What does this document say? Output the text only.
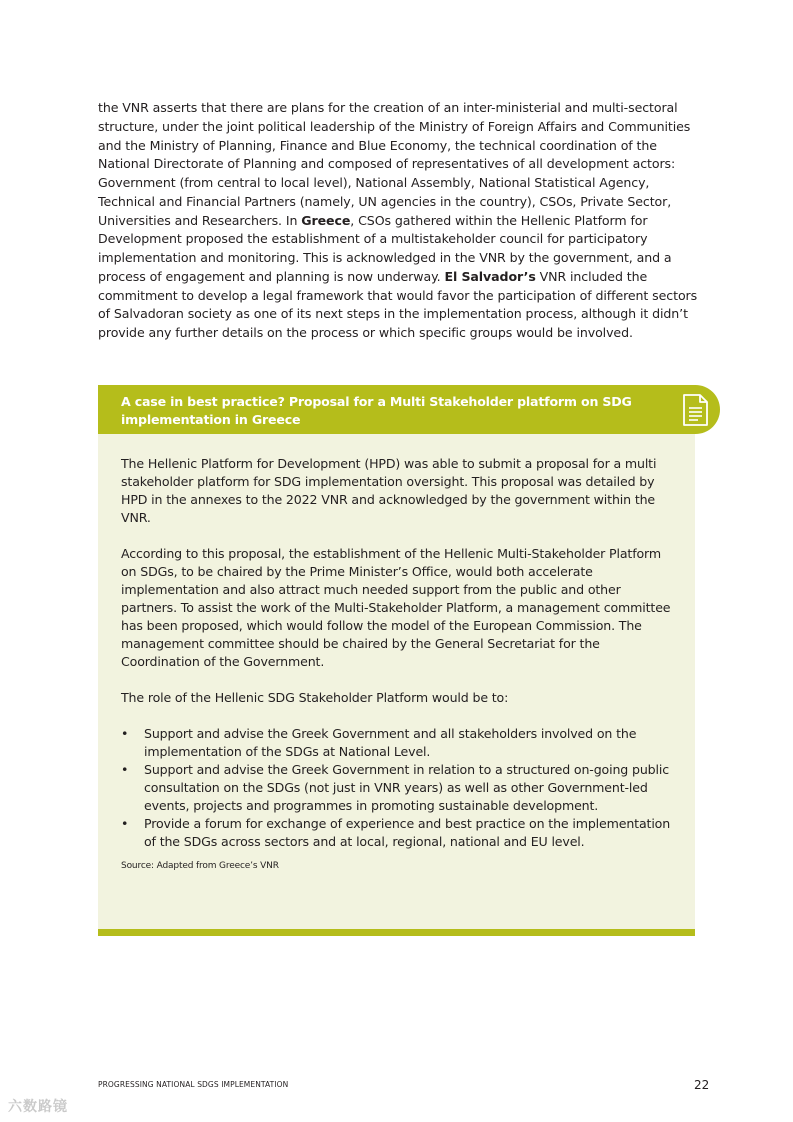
the VNR asserts that there are plans for the creation of an inter-ministerial and multi-sectoral structure, under the joint political leadership of the Ministry of Foreign Affairs and Communities and the Ministry of Planning, Finance and Blue Economy, the technical coordination of the National Directorate of Planning and composed of representatives of all development actors: Government (from central to local level), National Assembly, National Statistical Agency, Technical and Financial Partners (namely, UN agencies in the country), CSOs, Private Sector, Universities and Researchers. In Greece, CSOs gathered within the Hellenic Platform for Development proposed the establishment of a multistakeholder council for participatory implementation and monitoring. This is acknowledged in the VNR by the government, and a process of engagement and planning is now underway. El Salvador’s VNR included the commitment to develop a legal framework that would favor the participation of different sectors of Salvadoran society as one of its next steps in the implementation process, although it didn’t provide any further details on the process or which specific groups would be involved.

A case in best practice? Proposal for a Multi Stakeholder platform on SDG implementation in Greece

The Hellenic Platform for Development (HPD) was able to submit a proposal for a multi stakeholder platform for SDG implementation oversight. This proposal was detailed by HPD in the annexes to the 2022 VNR and acknowledged by the government within the VNR.

According to this proposal, the establishment of the Hellenic Multi-Stakeholder Platform on SDGs, to be chaired by the Prime Minister’s Office, would both accelerate implementation and also attract much needed support from the public and other partners. To assist the work of the Multi-Stakeholder Platform, a management committee has been proposed, which would follow the model of the European Commission. The management committee should be chaired by the General Secretariat for the Coordination of the Government.

The role of the Hellenic SDG Stakeholder Platform would be to:

• Support and advise the Greek Government and all stakeholders involved on the implementation of the SDGs at National Level.
• Support and advise the Greek Government in relation to a structured on-going public consultation on the SDGs (not just in VNR years) as well as other Government-led events, projects and programmes in promoting sustainable development.
• Provide a forum for exchange of experience and best practice on the implementation of the SDGs across sectors and at local, regional, national and EU level.
Source: Adapted from Greece’s VNR
PROGRESSING NATIONAL SDGS IMPLEMENTATION	22
六数路镜
